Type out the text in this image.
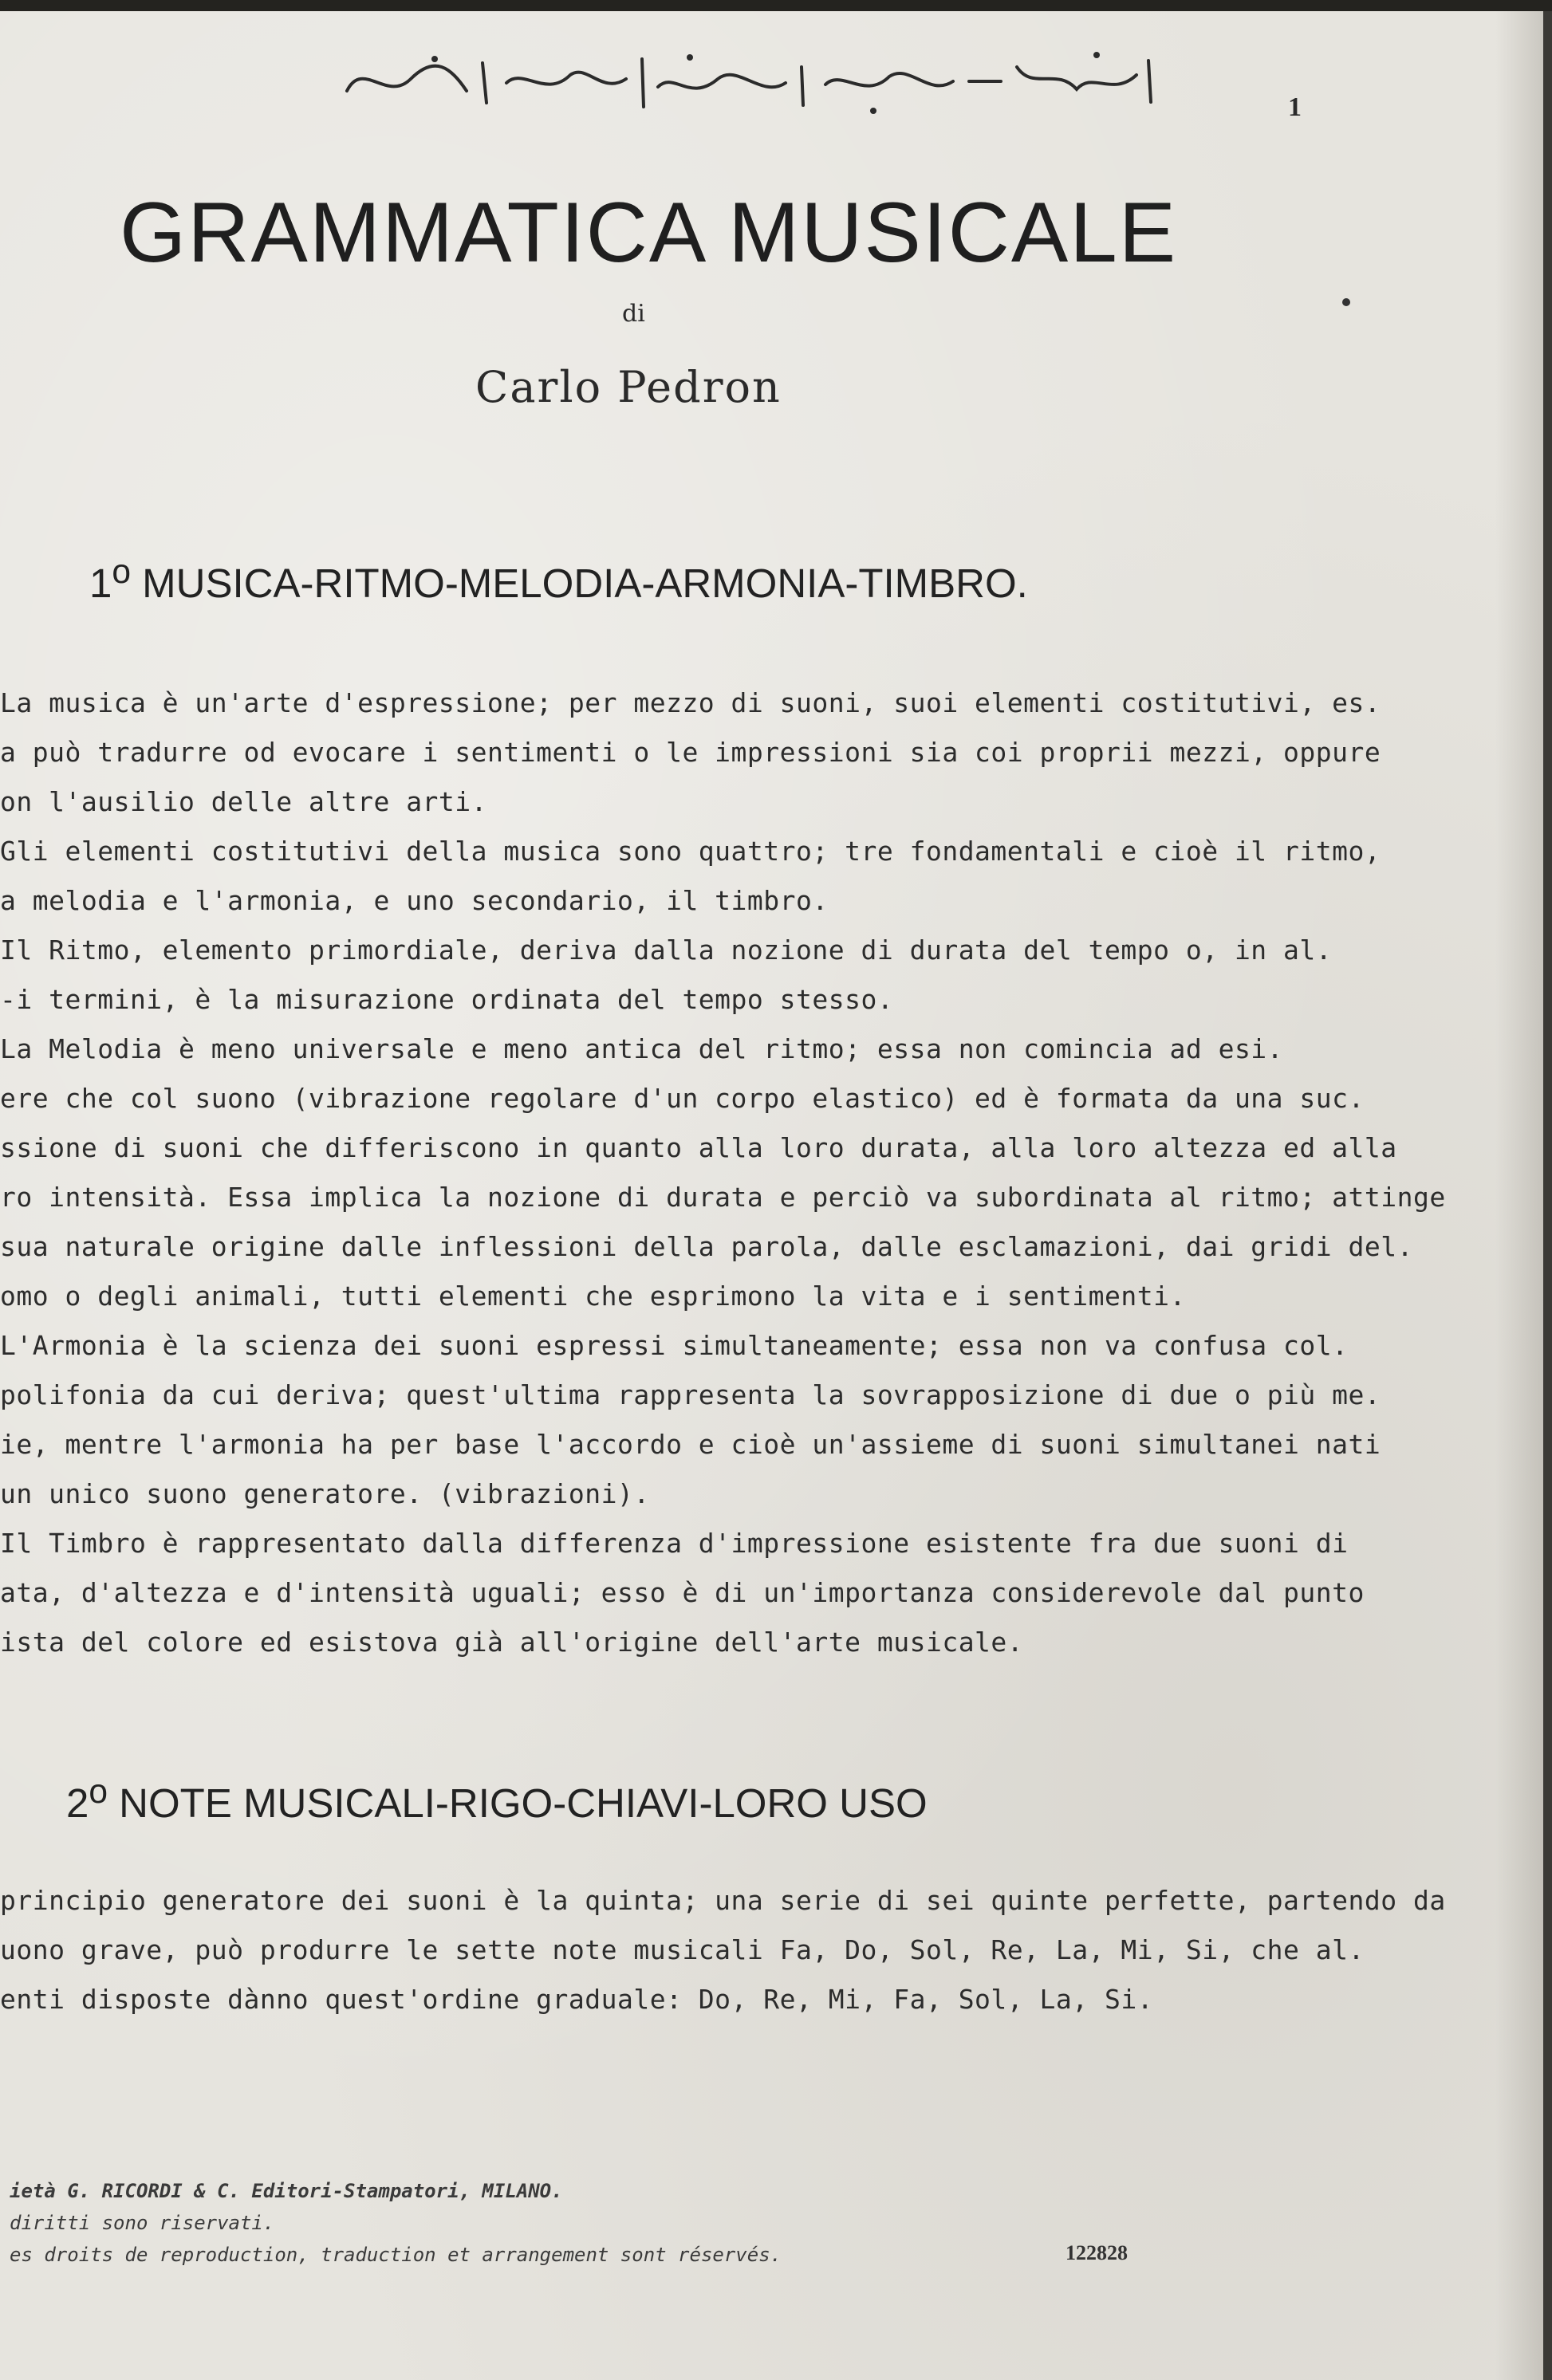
1
GRAMMATICA MUSICALE
di
Carlo Pedron
1$^o$ MUSICA-RITMO-MELODIA-ARMONIA-TIMBRO.
La musica è un'arte d'espressione; per mezzo di suoni, suoi elementi costitutivi, es.
a può tradurre od evocare i sentimenti o le impressioni sia coi proprii mezzi, oppure
on l'ausilio delle altre arti.
Gli elementi costitutivi della musica sono quattro; tre fondamentali e cioè il ritmo,
a melodia e l'armonia, e uno secondario, il timbro.
Il Ritmo, elemento primordiale, deriva dalla nozione di durata del tempo o, in al.
-i termini, è la misurazione ordinata del tempo stesso.
La Melodia è meno universale e meno antica del ritmo; essa non comincia ad esi.
ere che col suono (vibrazione regolare d'un corpo elastico) ed è formata da una suc.
ssione di suoni che differiscono in quanto alla loro durata, alla loro altezza ed alla
ro intensità. Essa implica la nozione di durata e perciò va subordinata al ritmo; attinge
sua naturale origine dalle inflessioni della parola, dalle esclamazioni, dai gridi del.
omo o degli animali, tutti elementi che esprimono la vita e i sentimenti.
L'Armonia è la scienza dei suoni espressi simultaneamente; essa non va confusa col.
polifonia da cui deriva; quest'ultima rappresenta la sovrapposizione di due o più me.
ie, mentre l'armonia ha per base l'accordo e cioè un'assieme di suoni simultanei nati
un unico suono generatore. (vibrazioni).
Il Timbro è rappresentato dalla differenza d'impressione esistente fra due suoni di
ata, d'altezza e d'intensità uguali; esso è di un'importanza considerevole dal punto
ista del colore ed esistova già all'origine dell'arte musicale.
2$^o$ NOTE MUSICALI-RIGO-CHIAVI-LORO USO
principio generatore dei suoni è la quinta; una serie di sei quinte perfette, partendo da
uono grave, può produrre le sette note musicali Fa, Do, Sol, Re, La, Mi, Si, che al.
enti disposte dànno quest'ordine graduale: Do, Re, Mi, Fa, Sol, La, Si.
ietà G. RICORDI & C. Editori-Stampatori, MILANO.
diritti sono riservati.
es droits de reproduction, traduction et arrangement sont réservés.	122828
